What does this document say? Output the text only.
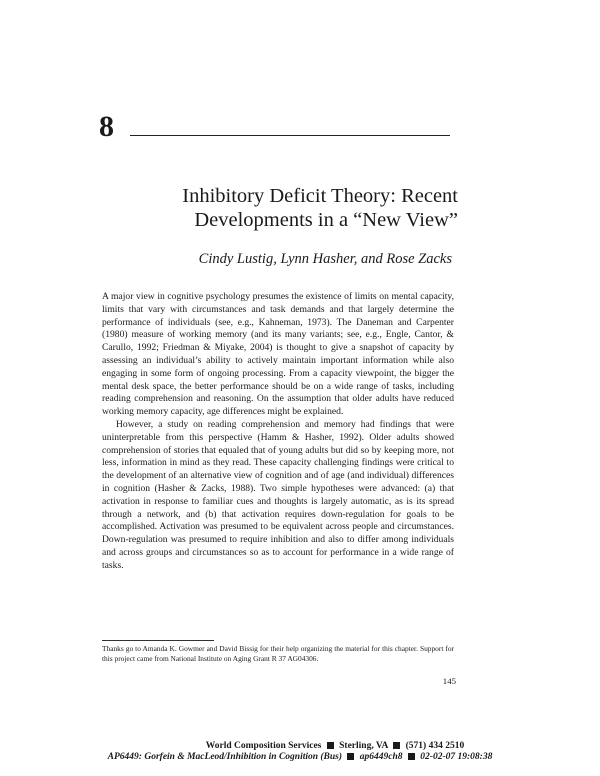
8
Inhibitory Deficit Theory: Recent
Developments in a “New View”
Cindy Lustig, Lynn Hasher, and Rose Zacks

A major view in cognitive psychology presumes the existence of limits on mental capacity, limits that vary with circumstances and task demands and that largely determine the performance of individuals (see, e.g., Kahneman, 1973). The Daneman and Carpenter (1980) measure of working memory (and its many variants; see, e.g., Engle, Cantor, & Carullo, 1992; Friedman & Miyake, 2004) is thought to give a snapshot of capacity by assessing an individual’s ability to actively maintain important information while also engaging in some form of ongoing processing. From a capacity viewpoint, the bigger the mental desk space, the better performance should be on a wide range of tasks, including reading comprehension and reasoning. On the assumption that older adults have reduced working memory capacity, age differences might be explained.

However, a study on reading comprehension and memory had findings that were uninterpretable from this perspective (Hamm & Hasher, 1992). Older adults showed comprehension of stories that equaled that of young adults but did so by keeping more, not less, information in mind as they read. These capacity challenging findings were critical to the development of an alternative view of cognition and of age (and individual) differences in cognition (Hasher & Zacks, 1988). Two simple hypotheses were advanced: (a) that activation in response to familiar cues and thoughts is largely automatic, as is its spread through a network, and (b) that activation requires down-regulation for goals to be accomplished. Activation was presumed to be equivalent across people and circumstances. Down-regulation was presumed to require inhibition and also to differ among individuals and across groups and circumstances so as to account for performance in a wide range of tasks.

Thanks go to Amanda K. Gowmer and David Bissig for their help organizing the material for this chapter. Support for this project came from National Institute on Aging Grant R 37 AG04306.
145
World Composition Services Sterling, VA (571) 434 2510
AP6449: Gorfein & MacLeod/Inhibition in Cognition (Bus) ap6449ch8 02-02-07 19:08:38
